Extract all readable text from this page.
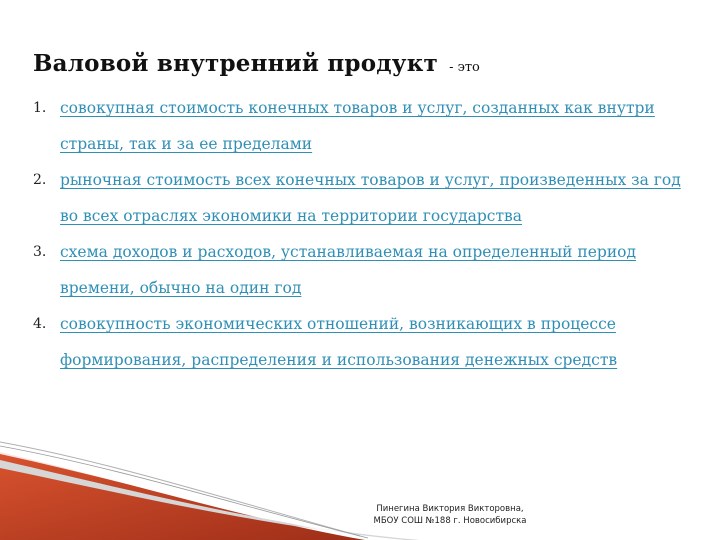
Валовой внутренний продукт - это
1. совокупная стоимость конечных товаров и услуг, созданных как внутри страны, так и за ее пределами
2. рыночная стоимость всех конечных товаров и услуг, произведенных за год во всех отраслях экономики на территории государства
3. схема доходов и расходов, устанавливаемая на определенный период времени, обычно на один год
4. совокупность экономических отношений, возникающих в процессе формирования, распределения и использования денежных средств
Пинегина Виктория Викторовна,
МБОУ СОШ №188 г. Новосибирска
